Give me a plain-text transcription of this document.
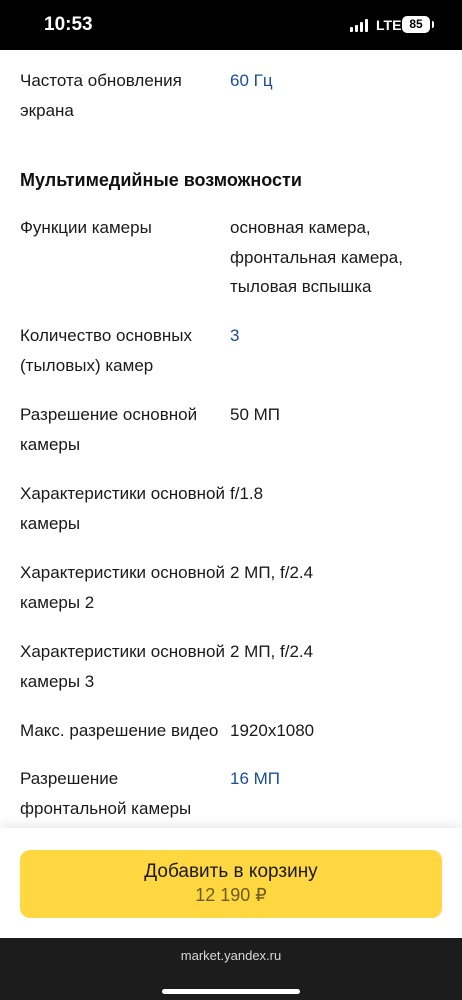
10:53	LTE 85
Частота обновления экрана
60 Гц
Мультимедийные возможности
Функции камеры	основная камера, фронтальная камера, тыловая вспышка
Количество основных (тыловых) камер
3
Разрешение основной камеры
50 МП
Характеристики основной камеры
f/1.8
Характеристики основной камеры 2
2 МП, f/2.4
Характеристики основной камеры 3
2 МП, f/2.4
Макс. разрешение видео 1920x1080
Разрешение фронтальной камеры
16 МП
Добавить в корзину
12 190 ₽
market.yandex.ru
